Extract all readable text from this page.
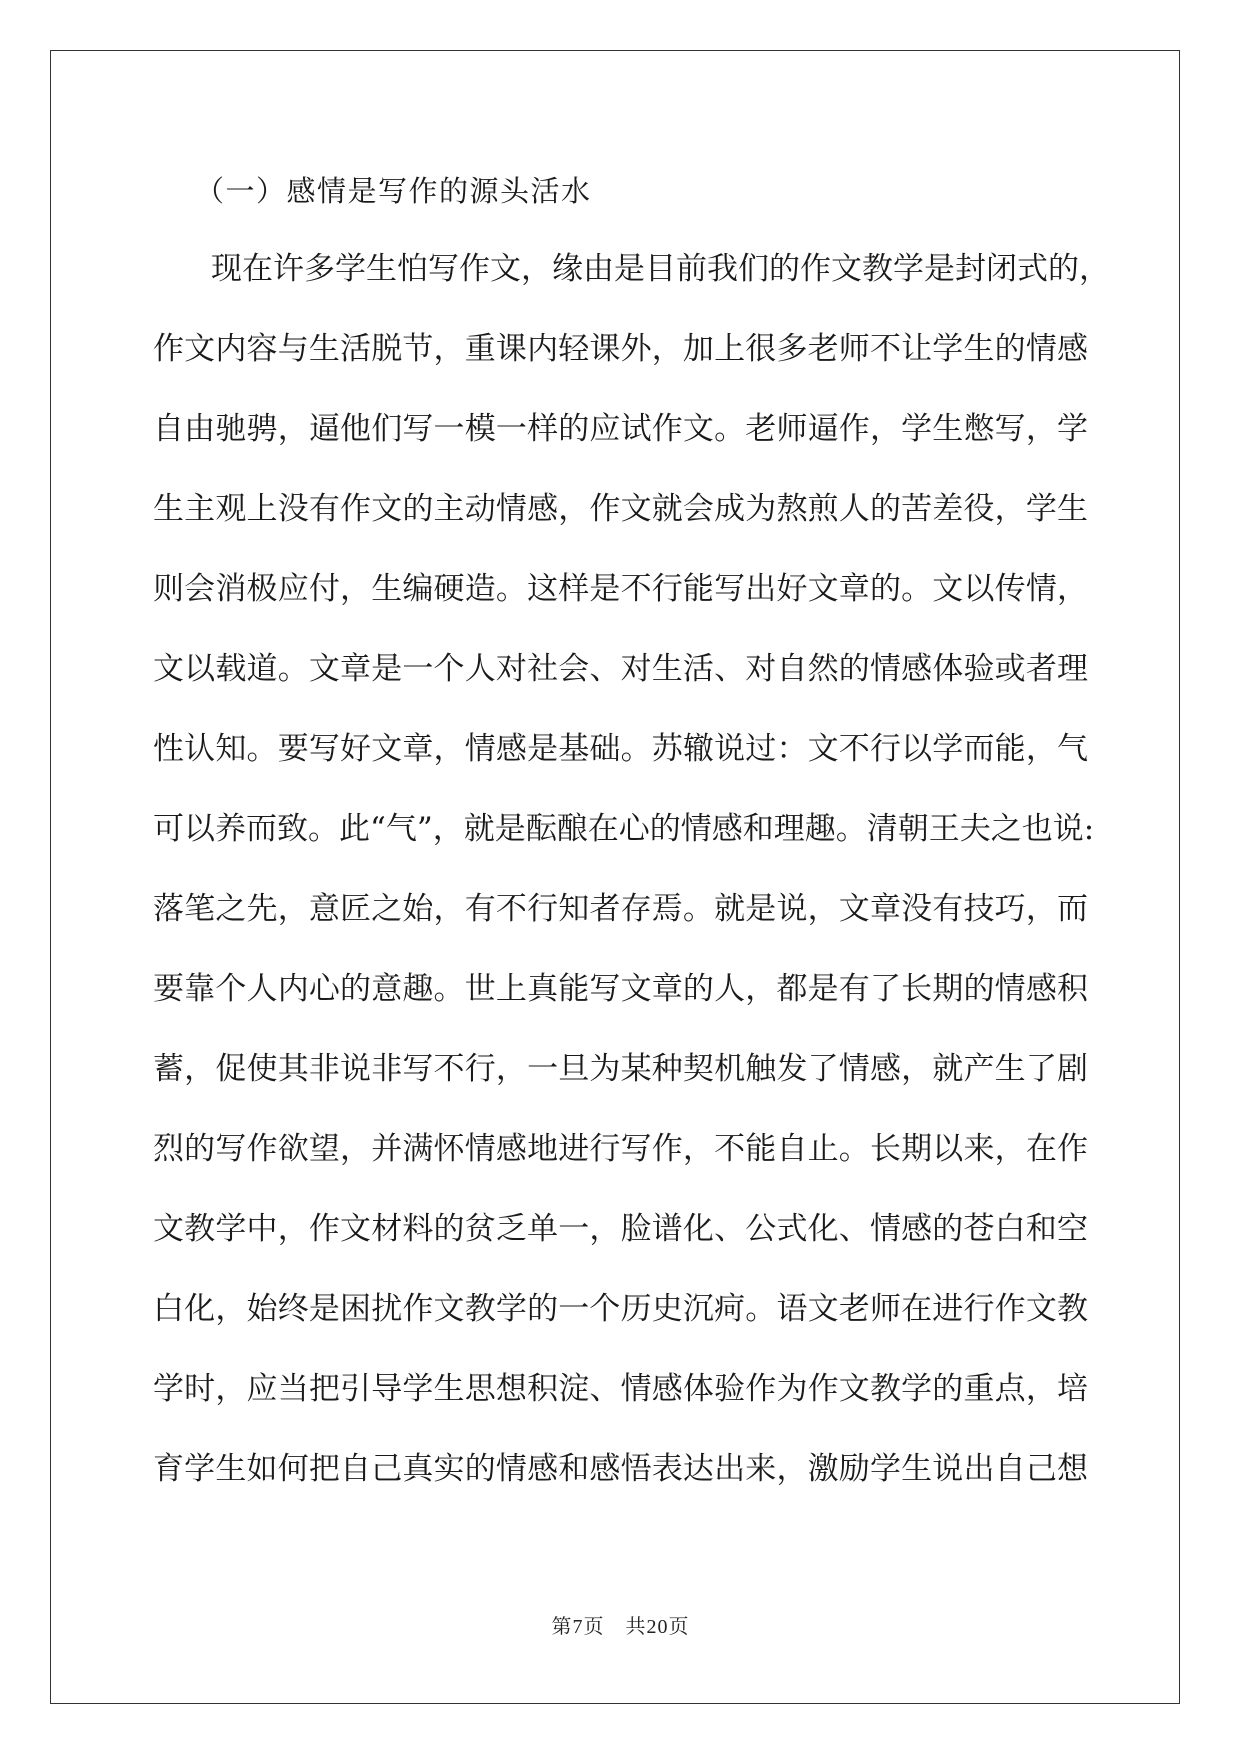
（一）感情是写作的源头活水
现在许多学生怕写作文，缘由是目前我们的作文教学是封闭式的，
作文内容与生活脱节，重课内轻课外，加上很多老师不让学生的情感
自由驰骋，逼他们写一模一样的应试作文。老师逼作，学生憋写，学
生主观上没有作文的主动情感，作文就会成为熬煎人的苦差役，学生
则会消极应付，生编硬造。这样是不行能写出好文章的。文以传情，
文以载道。文章是一个人对社会、对生活、对自然的情感体验或者理
性认知。要写好文章，情感是基础。苏辙说过：文不行以学而能，气
可以养而致。此“气”，就是酝酿在心的情感和理趣。清朝王夫之也说:
落笔之先，意匠之始，有不行知者存焉。就是说，文章没有技巧，而
要靠个人内心的意趣。世上真能写文章的人，都是有了长期的情感积
蓄，促使其非说非写不行，一旦为某种契机触发了情感，就产生了剧
烈的写作欲望，并满怀情感地进行写作，不能自止。长期以来，在作
文教学中，作文材料的贫乏单一，脸谱化、公式化、情感的苍白和空
白化，始终是困扰作文教学的一个历史沉疴。语文老师在进行作文教
学时，应当把引导学生思想积淀、情感体验作为作文教学的重点，培
育学生如何把自己真实的情感和感悟表达出来，激励学生说出自己想
第7页　共20页
